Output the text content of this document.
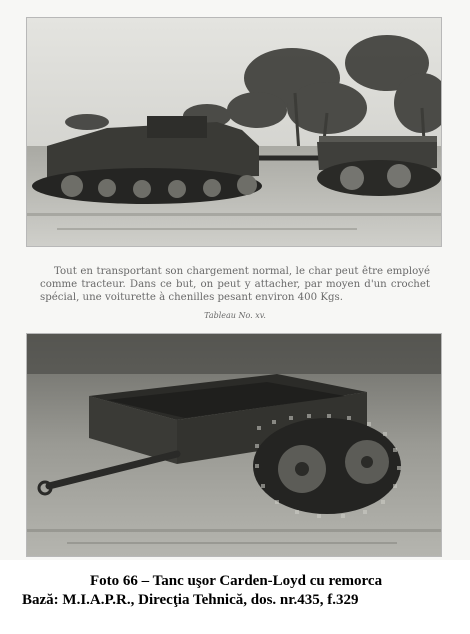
Tout en transportant son chargement normal, le char peut être employé comme tracteur. Dans ce but, on peut y attacher, par moyen d'un crochet spécial, une voiturette à chenilles pesant environ 400 Kgs.

Tableau No. xv.
Foto 66 – Tanc uşor Carden-Loyd cu remorca
Bază: M.I.A.P.R., Direcţia Tehnică, dos. nr.435, f.329
